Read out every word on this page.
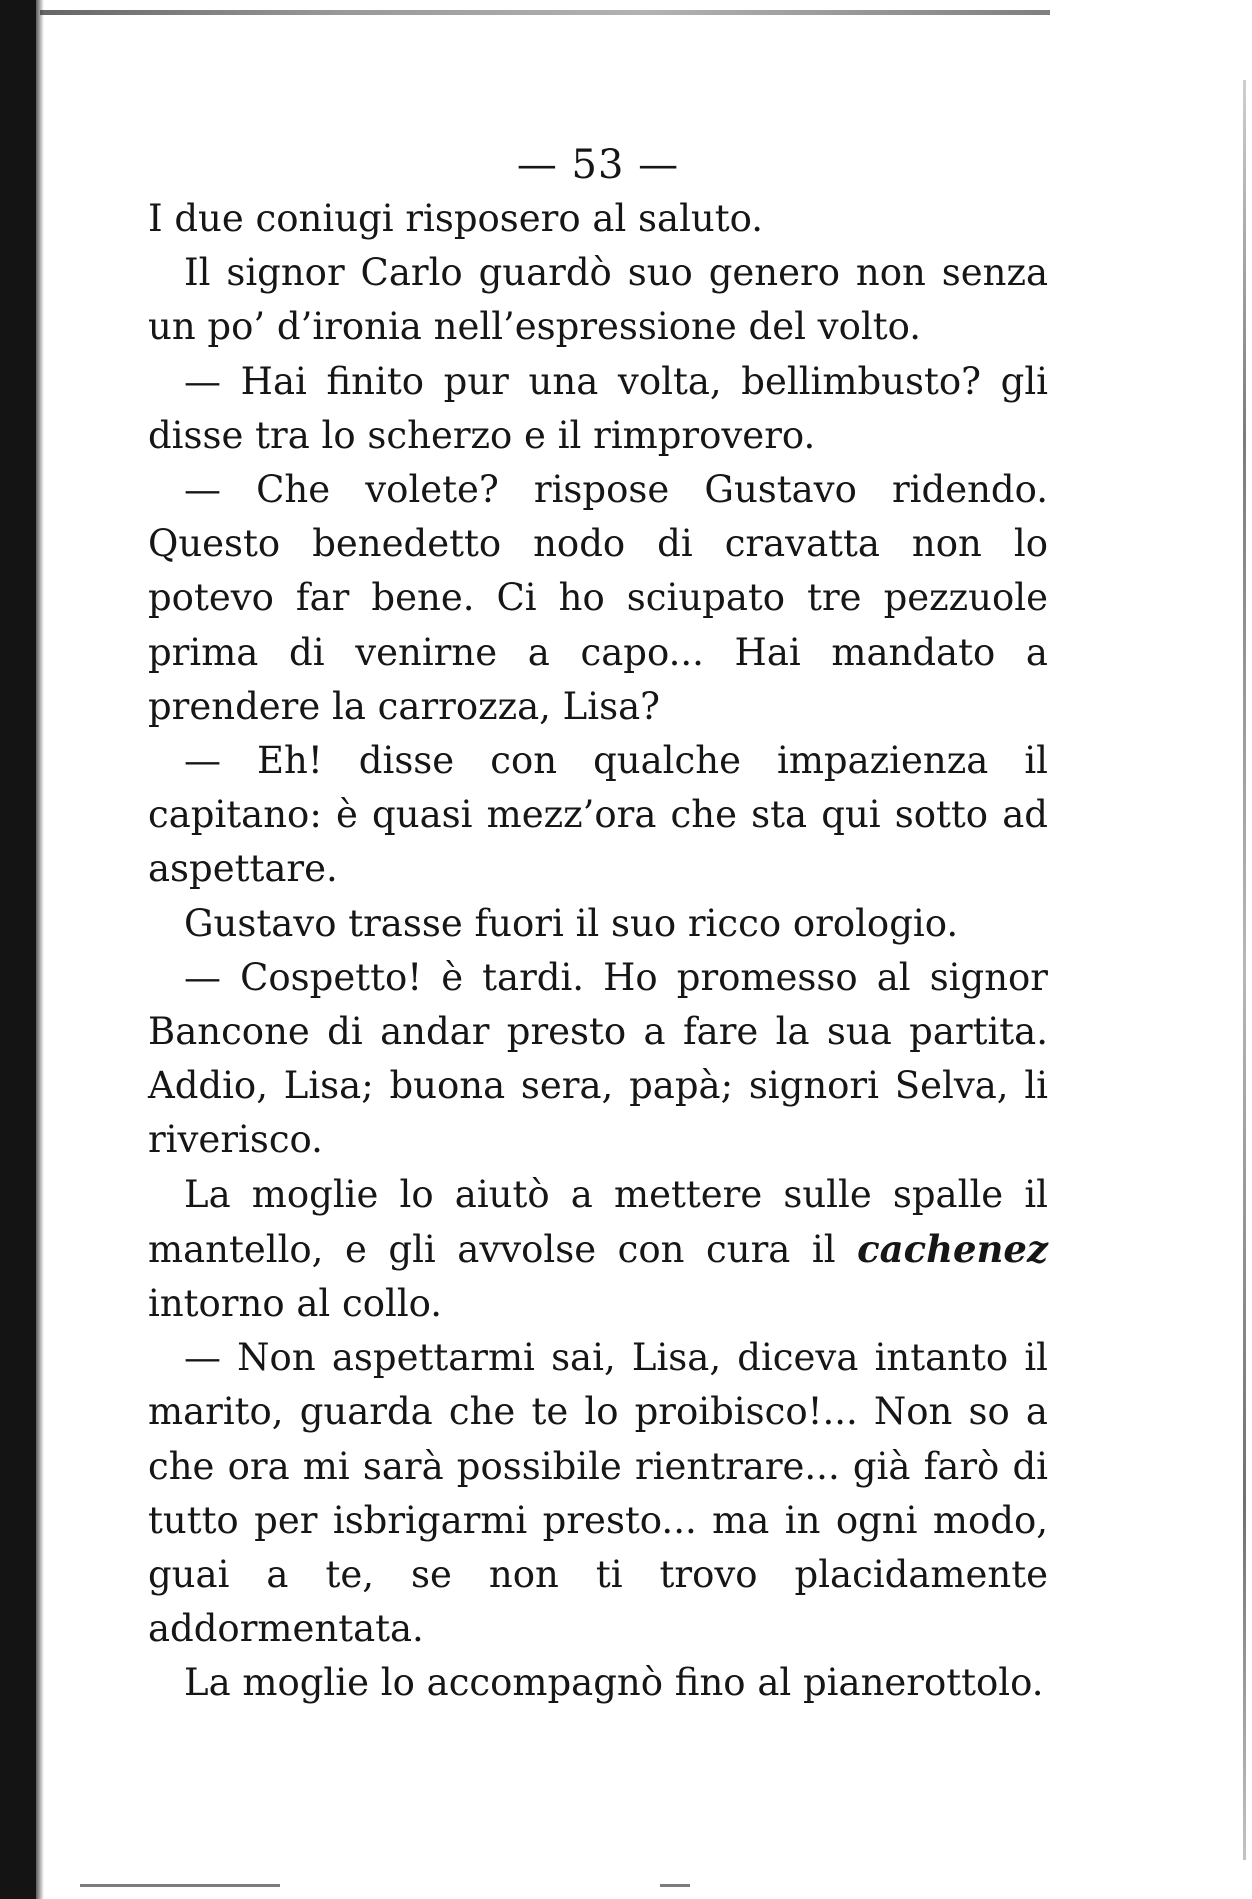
— 53 —

I due coniugi risposero al saluto.

Il signor Carlo guardò suo genero non senza un po’ d’ironia nell’espressione del volto.

— Hai finito pur una volta, bellimbusto? gli disse tra lo scherzo e il rimprovero.

— Che volete? rispose Gustavo ridendo. Questo benedetto nodo di cravatta non lo potevo far bene. Ci ho sciupato tre pezzuole prima di venirne a capo... Hai mandato a prendere la carrozza, Lisa?

— Eh! disse con qualche impazienza il capitano: è quasi mezz’ora che sta qui sotto ad aspettare.

Gustavo trasse fuori il suo ricco orologio.

— Cospetto! è tardi. Ho promesso al signor Bancone di andar presto a fare la sua partita. Addio, Lisa; buona sera, papà; signori Selva, li riverisco.

La moglie lo aiutò a mettere sulle spalle il mantello, e gli avvolse con cura il cachenez intorno al collo.

— Non aspettarmi sai, Lisa, diceva intanto il marito, guarda che te lo proibisco!... Non so a che ora mi sarà possibile rientrare... già farò di tutto per isbrigarmi presto... ma in ogni modo, guai a te, se non ti trovo placidamente addormentata.

La moglie lo accompagnò fino al pianerottolo.
